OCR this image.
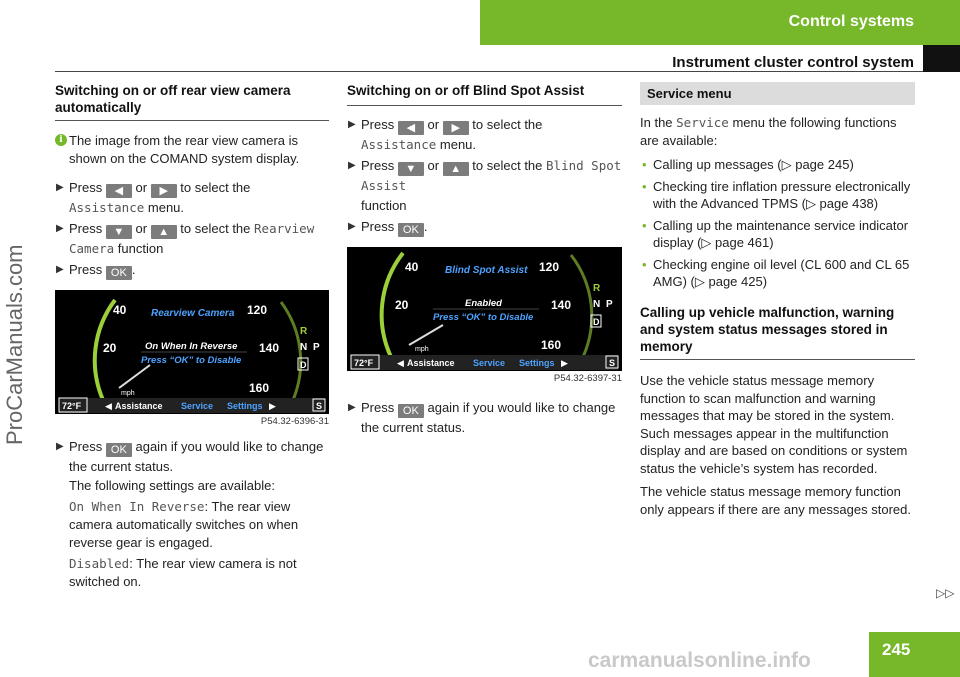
Control systems
Instrument cluster control system
ProCarManuals.com
Switching on or off rear view camera automatically
i The image from the rear view camera is shown on the COMAND system display.
▶ Press ◀ or ▶ to select the
Assistance menu.
▶ Press ▼ or ▲ to select the Rearview Camera function
▶ Press OK .
40
20
120
140
160
mph
Rearview Camera
On When In Reverse
Press “OK” to Disable
R
N P
D
72°F	◀ Assistance Service Settings ▶	S
P54.32-6396-31
▶ Press OK again if you would like to change the current status.
The following settings are available:
On When In Reverse: The rear view camera automatically switches on when reverse gear is engaged.
Disabled: The rear view camera is not switched on.
Switching on or off Blind Spot Assist
▶ Press ◀ or ▶ to select the
Assistance menu.
▶ Press ▼ or ▲ to select the Blind Spot Assist
function
▶ Press OK .
40
20
120
140
160
mph
Blind Spot Assist
Enabled
Press “OK” to Disable
R
N P
D
72°F	◀ Assistance Service Settings ▶	S
P54.32-6397-31
▶ Press OK again if you would like to change the current status.
Service menu

In the Service menu the following functions are available:

• Calling up messages (▷ page 245)
• Checking tire inflation pressure electronically with the Advanced TPMS (▷ page 438)
• Calling up the maintenance service indicator display (▷ page 461)
• Checking engine oil level (CL 600 and CL 65 AMG) (▷ page 425)
Calling up vehicle malfunction, warning and system status messages stored in memory

Use the vehicle status message memory function to scan malfunction and warning messages that may be stored in the system. Such messages appear in the multifunction display and are based on conditions or system status the vehicle’s system has recorded.

The vehicle status message memory function only appears if there are any messages stored.

▷▷
245
carmanualsonline.info
